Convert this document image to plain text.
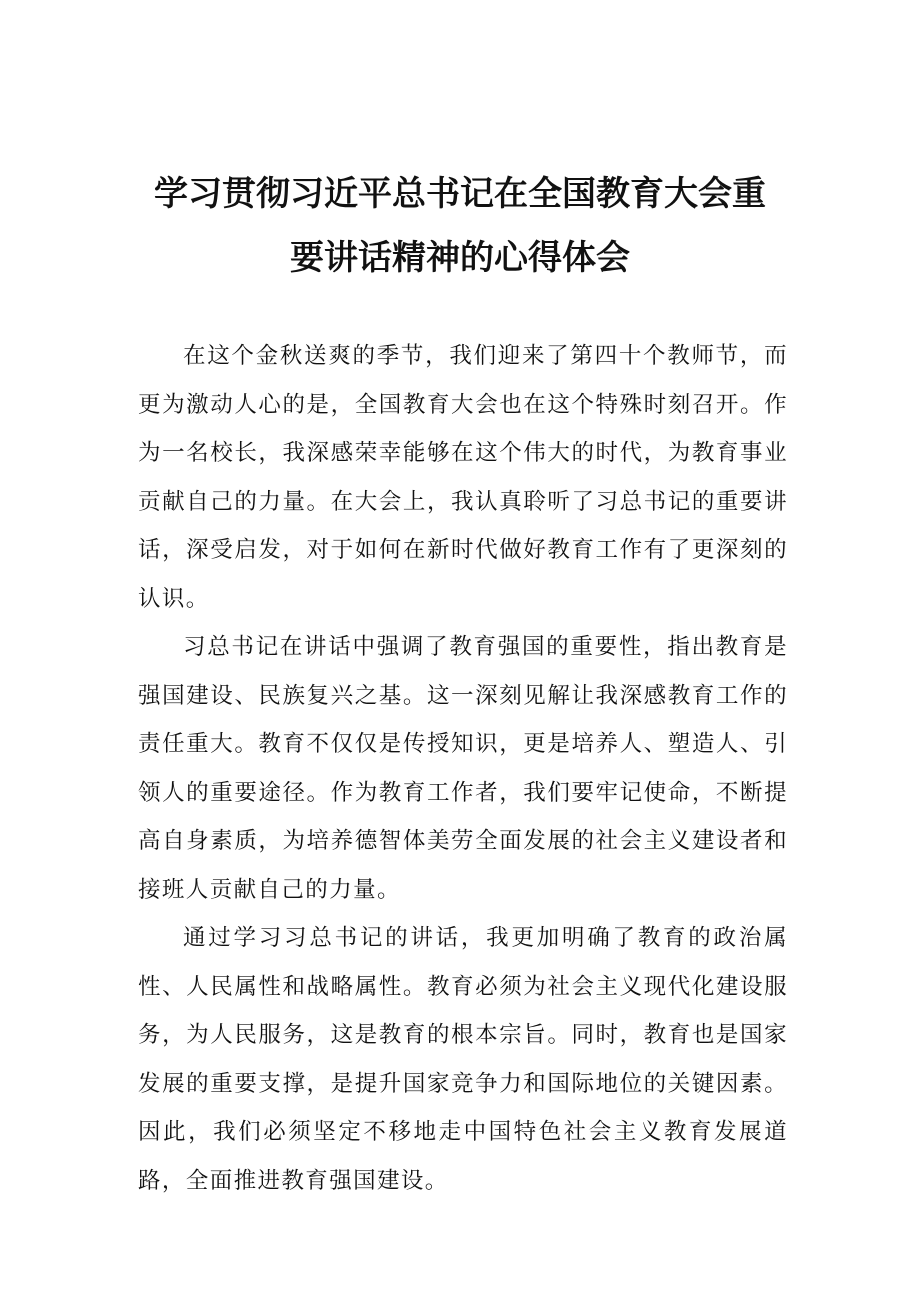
学习贯彻习近平总书记在全国教育大会重
要讲话精神的心得体会

在这个金秋送爽的季节，我们迎来了第四十个教师节，而更为激动人心的是，全国教育大会也在这个特殊时刻召开。作为一名校长，我深感荣幸能够在这个伟大的时代，为教育事业贡献自己的力量。在大会上，我认真聆听了习总书记的重要讲话，深受启发，对于如何在新时代做好教育工作有了更深刻的认识。

习总书记在讲话中强调了教育强国的重要性，指出教育是强国建设、民族复兴之基。这一深刻见解让我深感教育工作的责任重大。教育不仅仅是传授知识，更是培养人、塑造人、引领人的重要途径。作为教育工作者，我们要牢记使命，不断提高自身素质，为培养德智体美劳全面发展的社会主义建设者和接班人贡献自己的力量。

通过学习习总书记的讲话，我更加明确了教育的政治属性、人民属性和战略属性。教育必须为社会主义现代化建设服务，为人民服务，这是教育的根本宗旨。同时，教育也是国家发展的重要支撑，是提升国家竞争力和国际地位的关键因素。因此，我们必须坚定不移地走中国特色社会主义教育发展道路，全面推进教育强国建设。
